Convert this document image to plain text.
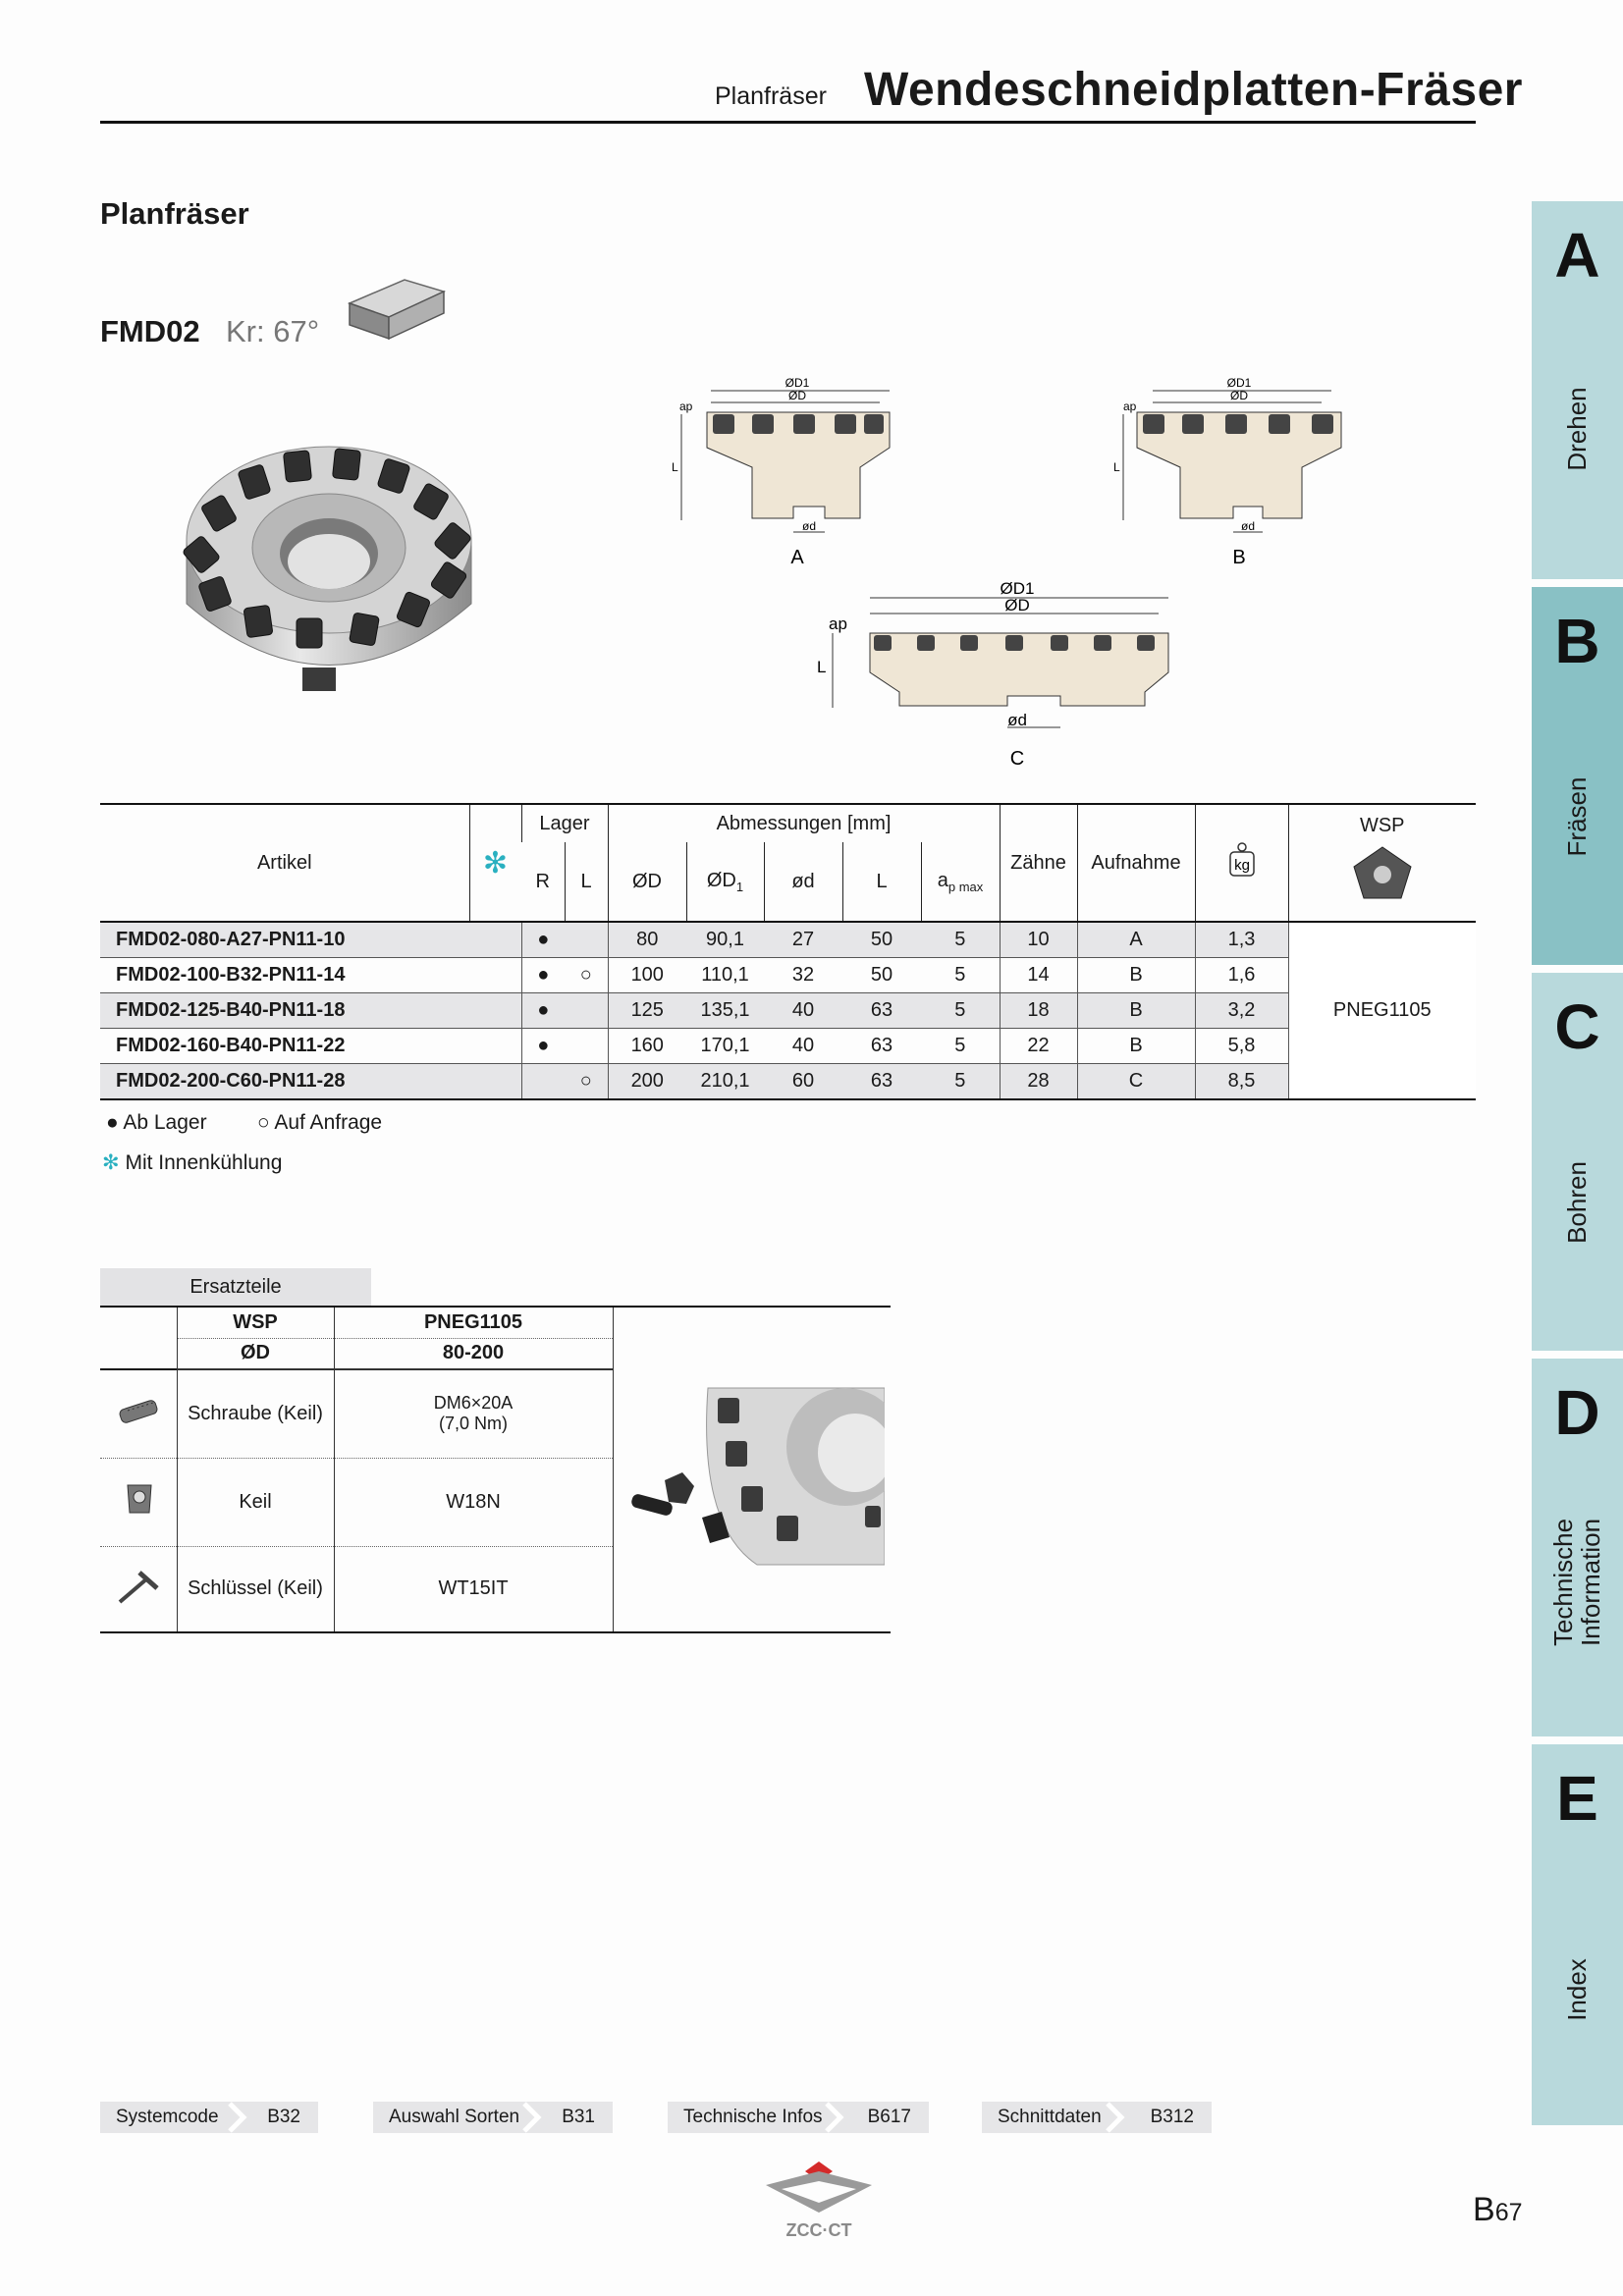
Planfräser Wendeschneidplatten-Fräser
Planfräser
FMD02 Kr: 67°
ØD1
ØD
ap
L
ød
A
ØD1
ØD
ap
L
ød
B
ØD1
ØD
ap
L
ød
C
Artikel	✻	Lager		Abmessungen [mm]					Zähne	Aufnahme	kg	WSP

		R	L	ØD	$ØD_1$	ød	L	$a_{p max}$
FMD02-080-A27-PN11-10		●		80	90,1	27	50	5	10	A	1,3	PNEG1105
FMD02-100-B32-PN11-14		●	○	100	110,1	32	50	5	14	B	1,6	
FMD02-125-B40-PN11-18		●		125	135,1	40	63	5	18	B	3,2	
FMD02-160-B40-PN11-22		●		160	170,1	40	63	5	22	B	5,8	
FMD02-200-C60-PN11-28			○	200	210,1	60	63	5	28	C	8,5	
● Ab Lager ○ Auf Anfrage
✻ Mit Innenkühlung
Ersatzteile
	WSP	PNEG1105	
	ØD	80-200	
	Schraube (Keil)	DM6×20A
(7,0 Nm)	

	Keil	W18N	
	Schlüssel (Keil)	WT15IT	
A
Drehen
B
Fräsen
C
Bohren
D
Technische
Information
E
Index
Systemcode	B32	Auswahl Sorten B31	Technische Infos B617	Schnittdaten	B312
ZCC·CT
B67
